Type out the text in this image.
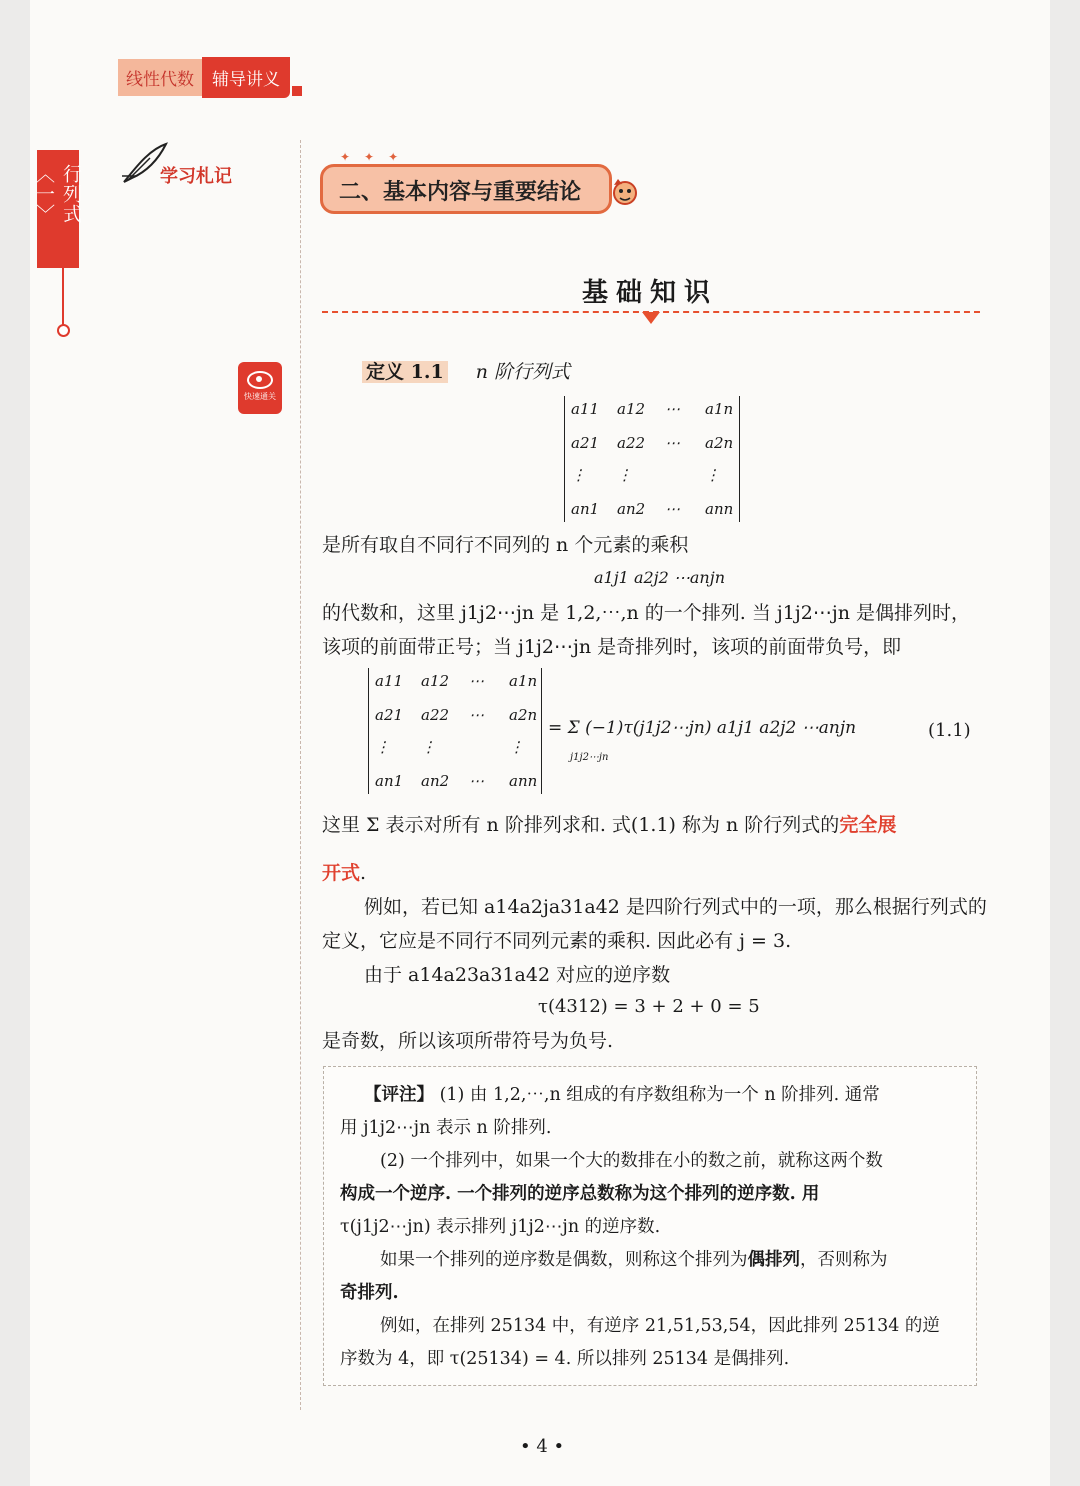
线性代数	辅导讲义
行列式〈一〉	学习札记
快速通关
✦✦✦
二、基本内容与重要结论
基础知识
定义 1.1 n 阶行列式
a11 a12 ⋯ a1n
a21 a22 ⋯ a2n
⋮ ⋮	⋮
an1 an2 ⋯ ann
是所有取自不同行不同列的 n 个元素的乘积
a1j1 a2j2 ⋯anjn
的代数和，这里 j1j2⋯jn 是 1,2,⋯,n 的一个排列. 当 j1j2⋯jn 是偶排列时，
该项的前面带正号；当 j1j2⋯jn 是奇排列时，该项的前面带负号，即
a11 a12 ⋯ a1n
a21 a22 ⋯ a2n
⋮ ⋮	⋮
an1 an2 ⋯ ann
= Σ (−1)τ(j1j2⋯jn) a1j1 a2j2 ⋯anjn
j1j2⋯jn
(1.1)
这里 Σ 表示对所有 n 阶排列求和. 式(1.1) 称为 n 阶行列式的完全展
开式.
例如，若已知 a14a2ja31a42 是四阶行列式中的一项，那么根据行列式的
定义，它应是不同行不同列元素的乘积. 因此必有 j = 3.
由于 a14a23a31a42 对应的逆序数
τ(4312) = 3 + 2 + 0 = 5
是奇数，所以该项所带符号为负号.

【评注】 (1) 由 1,2,⋯,n 组成的有序数组称为一个 n 阶排列. 通常

用 j1j2⋯jn 表示 n 阶排列.

(2) 一个排列中，如果一个大的数排在小的数之前，就称这两个数

构成一个逆序. 一个排列的逆序总数称为这个排列的逆序数. 用

τ(j1j2⋯jn) 表示排列 j1j2⋯jn 的逆序数.

如果一个排列的逆序数是偶数，则称这个排列为偶排列，否则称为

奇排列.

例如，在排列 25134 中，有逆序 21,51,53,54，因此排列 25134 的逆

序数为 4，即 τ(25134) = 4. 所以排列 25134 是偶排列.

• 4 •
